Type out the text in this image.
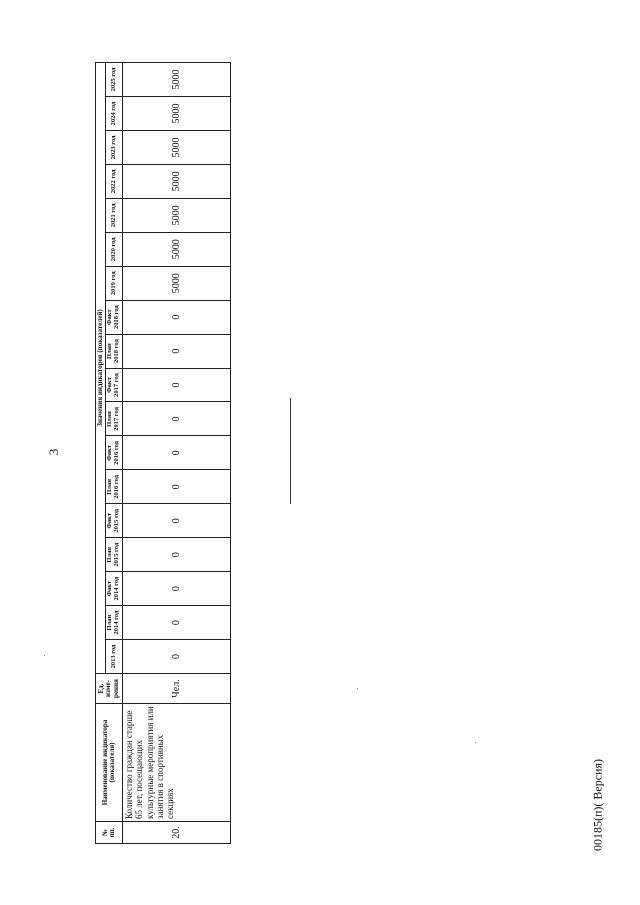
3
№ пп.	Наименование индикатора (показателя)	Ед. изме-рения	Значения индикаторов (показателей)																	
			2013 год	План 2014 год	Факт 2014 год	План 2015 год	Факт 2015 год	План 2016 год	Факт 2016 год	План 2017 год	Факт 2017 год	План 2018 год	Факт 2018 год	2019 год	2020 год	2021 год	2022 год	2023 год	2024 год	2025 год
20.	Количество граждан старше 65 лет, посещающих культурные мероприятия или занятия в спортивных секциях	Чел.	0	0	0	0	0	0	0	0	0	0	0	5000	5000	5000	5000	5000	5000	5000
00185(п)( Версия)
